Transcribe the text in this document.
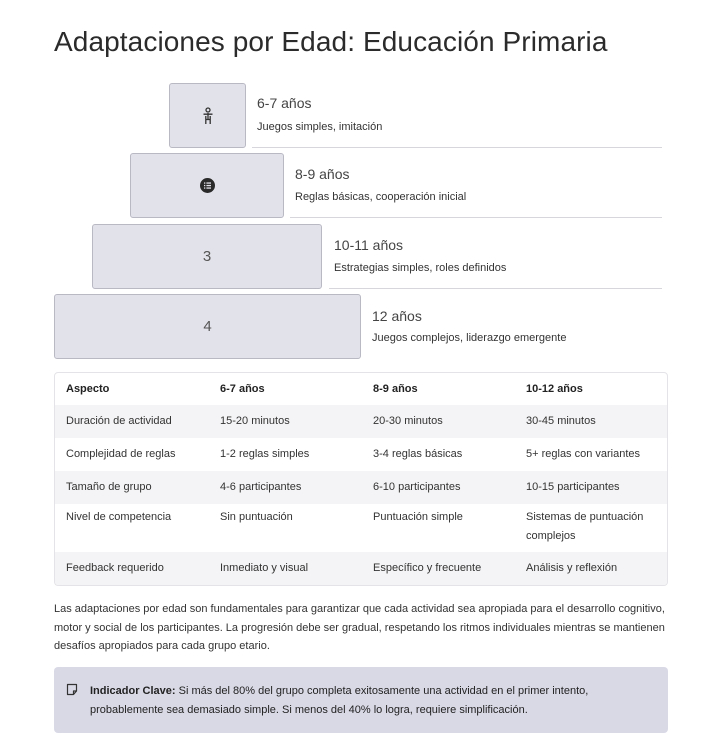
Adaptaciones por Edad: Educación Primaria
6-7 años
Juegos simples, imitación
8-9 años
Reglas básicas, cooperación inicial
3
10-11 años
Estrategias simples, roles definidos
4
12 años
Juegos complejos, liderazgo emergente
Aspecto	6-7 años	8-9 años	10-12 años
Duración de actividad	15-20 minutos	20-30 minutos	30-45 minutos
Complejidad de reglas	1-2 reglas simples	3-4 reglas básicas	5+ reglas con variantes
Tamaño de grupo	4-6 participantes	6-10 participantes	10-15 participantes
Nivel de competencia	Sin puntuación	Puntuación simple	Sistemas de puntuación complejos
Feedback requerido	Inmediato y visual	Específico y frecuente	Análisis y reflexión

Las adaptaciones por edad son fundamentales para garantizar que cada actividad sea apropiada para el desarrollo cognitivo, motor y social de los participantes. La progresión debe ser gradual, respetando los ritmos individuales mientras se mantienen desafíos apropiados para cada grupo etario.

Indicador Clave: Si más del 80% del grupo completa exitosamente una actividad en el primer intento, probablemente sea demasiado simple. Si menos del 40% lo logra, requiere simplificación.
